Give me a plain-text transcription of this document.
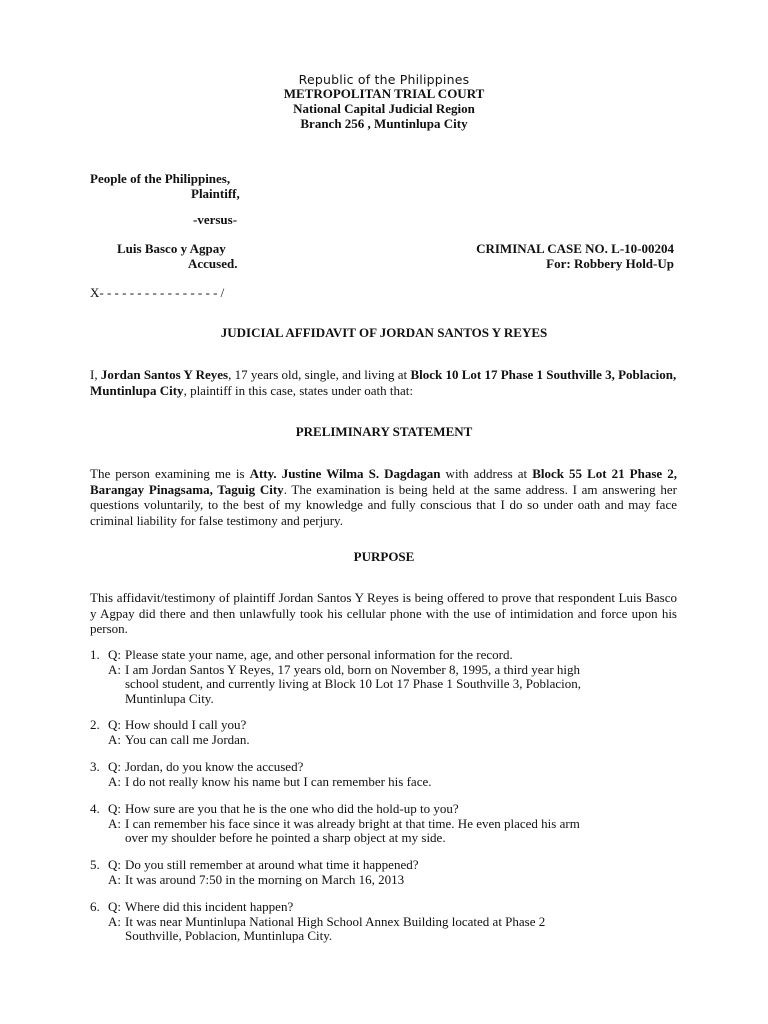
Republic of the Philippines
METROPOLITAN TRIAL COURT
National Capital Judicial Region
Branch 256 , Muntinlupa City
People of the Philippines,
Plaintiff,
-versus-
Luis Basco y Agpay
Accused.
CRIMINAL CASE NO. L-10-00204
For: Robbery Hold-Up
X- - - - - - - - - - - - - - - - /
JUDICIAL AFFIDAVIT OF JORDAN SANTOS Y REYES
I, Jordan Santos Y Reyes, 17 years old, single, and living at Block 10 Lot 17 Phase 1 Southville 3, Poblacion, Muntinlupa City, plaintiff in this case, states under oath that:
PRELIMINARY STATEMENT
The person examining me is Atty. Justine Wilma S. Dagdagan with address at Block 55 Lot 21 Phase 2, Barangay Pinagsama, Taguig City. The examination is being held at the same address. I am answering her questions voluntarily, to the best of my knowledge and fully conscious that I do so under oath and may face criminal liability for false testimony and perjury.
PURPOSE
This affidavit/testimony of plaintiff Jordan Santos Y Reyes is being offered to prove that respondent Luis Basco y Agpay did there and then unlawfully took his cellular phone with the use of intimidation and force upon his person.
1. Q: Please state your name, age, and other personal information for the record.
A: I am Jordan Santos Y Reyes, 17 years old, born on November 8, 1995, a third year high
school student, and currently living at Block 10 Lot 17 Phase 1 Southville 3, Poblacion,
Muntinlupa City.
2. Q: How should I call you?
A: You can call me Jordan.
3. Q: Jordan, do you know the accused?
A: I do not really know his name but I can remember his face.
4. Q: How sure are you that he is the one who did the hold-up to you?
A: I can remember his face since it was already bright at that time. He even placed his arm
over my shoulder before he pointed a sharp object at my side.
5. Q: Do you still remember at around what time it happened?
A: It was around 7:50 in the morning on March 16, 2013
6. Q: Where did this incident happen?
A: It was near Muntinlupa National High School Annex Building located at Phase 2
Southville, Poblacion, Muntinlupa City.
